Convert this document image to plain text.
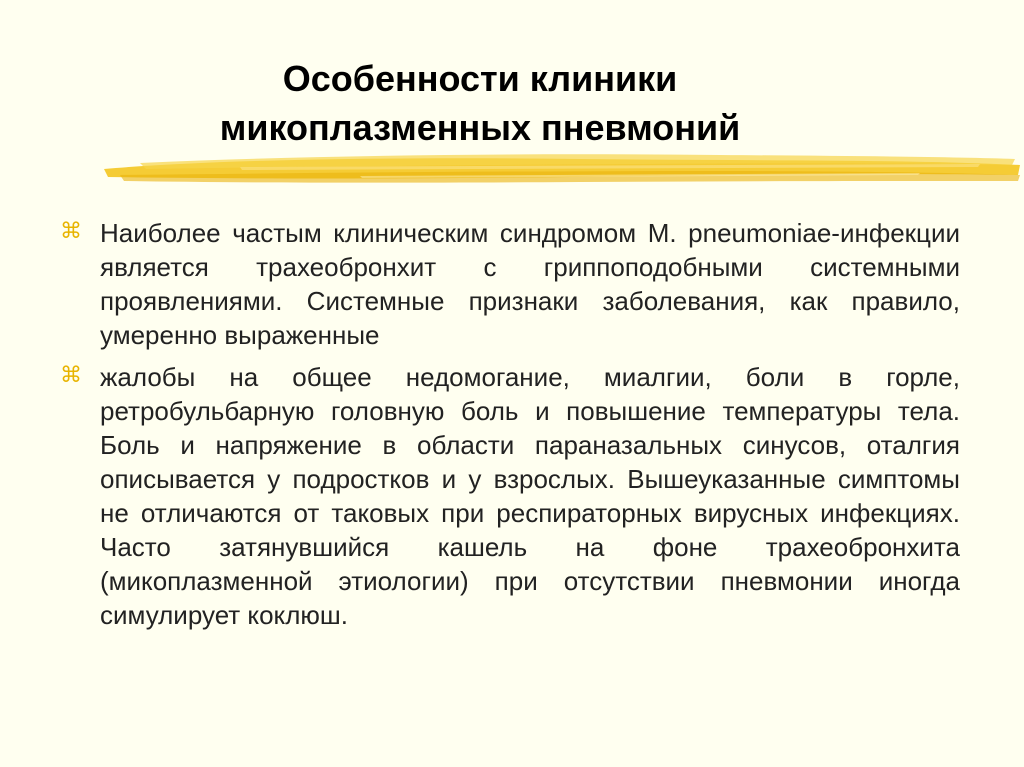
Особенности клиники
микоплазменных пневмоний
⌘ Наиболее частым клиническим синдромом M. pneumoniae-инфекции является трахеобронхит с гриппоподобными системными проявлениями. Системные признаки заболевания, как правило, умеренно выраженные
⌘ жалобы на общее недомогание, миалгии, боли в горле, ретробульбарную головную боль и повышение температуры тела. Боль и напряжение в области параназальных синусов, оталгия описывается у подростков и у взрослых. Вышеуказанные симптомы не отличаются от таковых при респираторных вирусных инфекциях. Часто затянувшийся кашель на фоне трахеобронхита (микоплазменной этиологии) при отсутствии пневмонии иногда симулирует коклюш.
